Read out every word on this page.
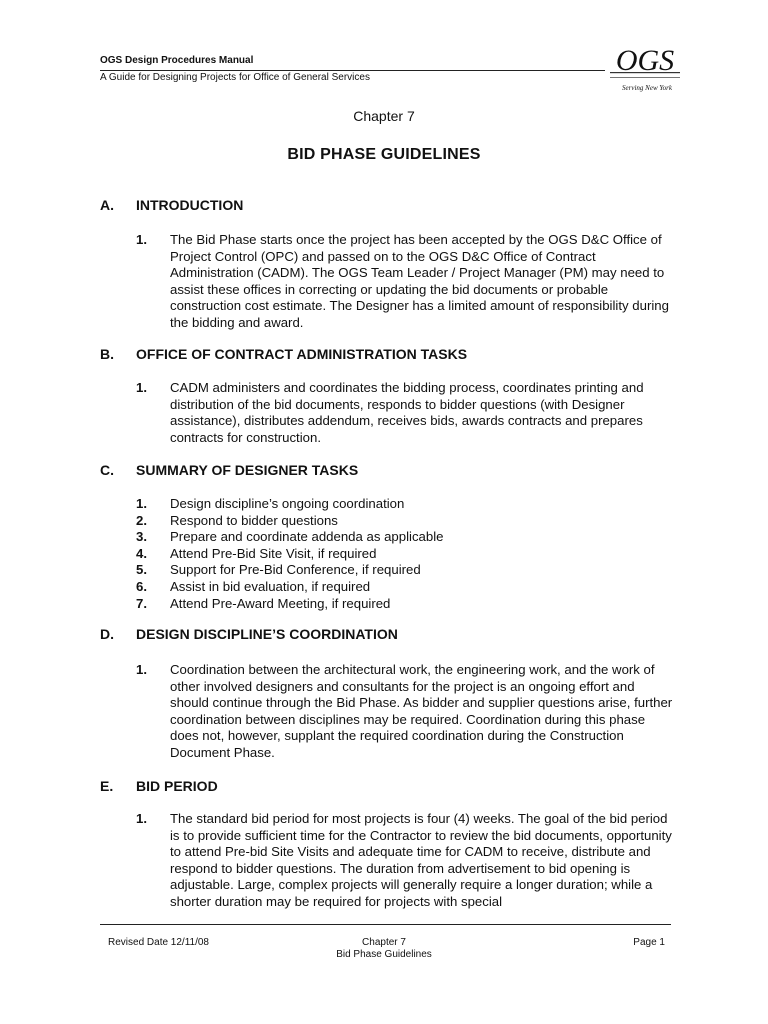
OGS Design Procedures Manual
A Guide for Designing Projects for Office of General Services
OGS
Serving New York
Chapter 7
BID PHASE GUIDELINES
A. INTRODUCTION
1. The Bid Phase starts once the project has been accepted by the OGS D&C Office of Project Control (OPC) and passed on to the OGS D&C Office of Contract Administration (CADM). The OGS Team Leader / Project Manager (PM) may need to assist these offices in correcting or updating the bid documents or probable construction cost estimate. The Designer has a limited amount of responsibility during the bidding and award.
B. OFFICE OF CONTRACT ADMINISTRATION TASKS
1. CADM administers and coordinates the bidding process, coordinates printing and distribution of the bid documents, responds to bidder questions (with Designer assistance), distributes addendum, receives bids, awards contracts and prepares contracts for construction.
C. SUMMARY OF DESIGNER TASKS
1. Design discipline’s ongoing coordination
2. Respond to bidder questions
3. Prepare and coordinate addenda as applicable
4. Attend Pre-Bid Site Visit, if required
5. Support for Pre-Bid Conference, if required
6. Assist in bid evaluation, if required
7. Attend Pre-Award Meeting, if required
D. DESIGN DISCIPLINE’S COORDINATION
1. Coordination between the architectural work, the engineering work, and the work of other involved designers and consultants for the project is an ongoing effort and should continue through the Bid Phase. As bidder and supplier questions arise, further coordination between disciplines may be required. Coordination during this phase does not, however, supplant the required coordination during the Construction Document Phase.
E. BID PERIOD
1. The standard bid period for most projects is four (4) weeks. The goal of the bid period is to provide sufficient time for the Contractor to review the bid documents, opportunity to attend Pre-bid Site Visits and adequate time for CADM to receive, distribute and respond to bidder questions. The duration from advertisement to bid opening is adjustable. Large, complex projects will generally require a longer duration; while a shorter duration may be required for projects with special
Revised Date 12/11/08	Chapter 7
Bid Phase Guidelines
Page 1
